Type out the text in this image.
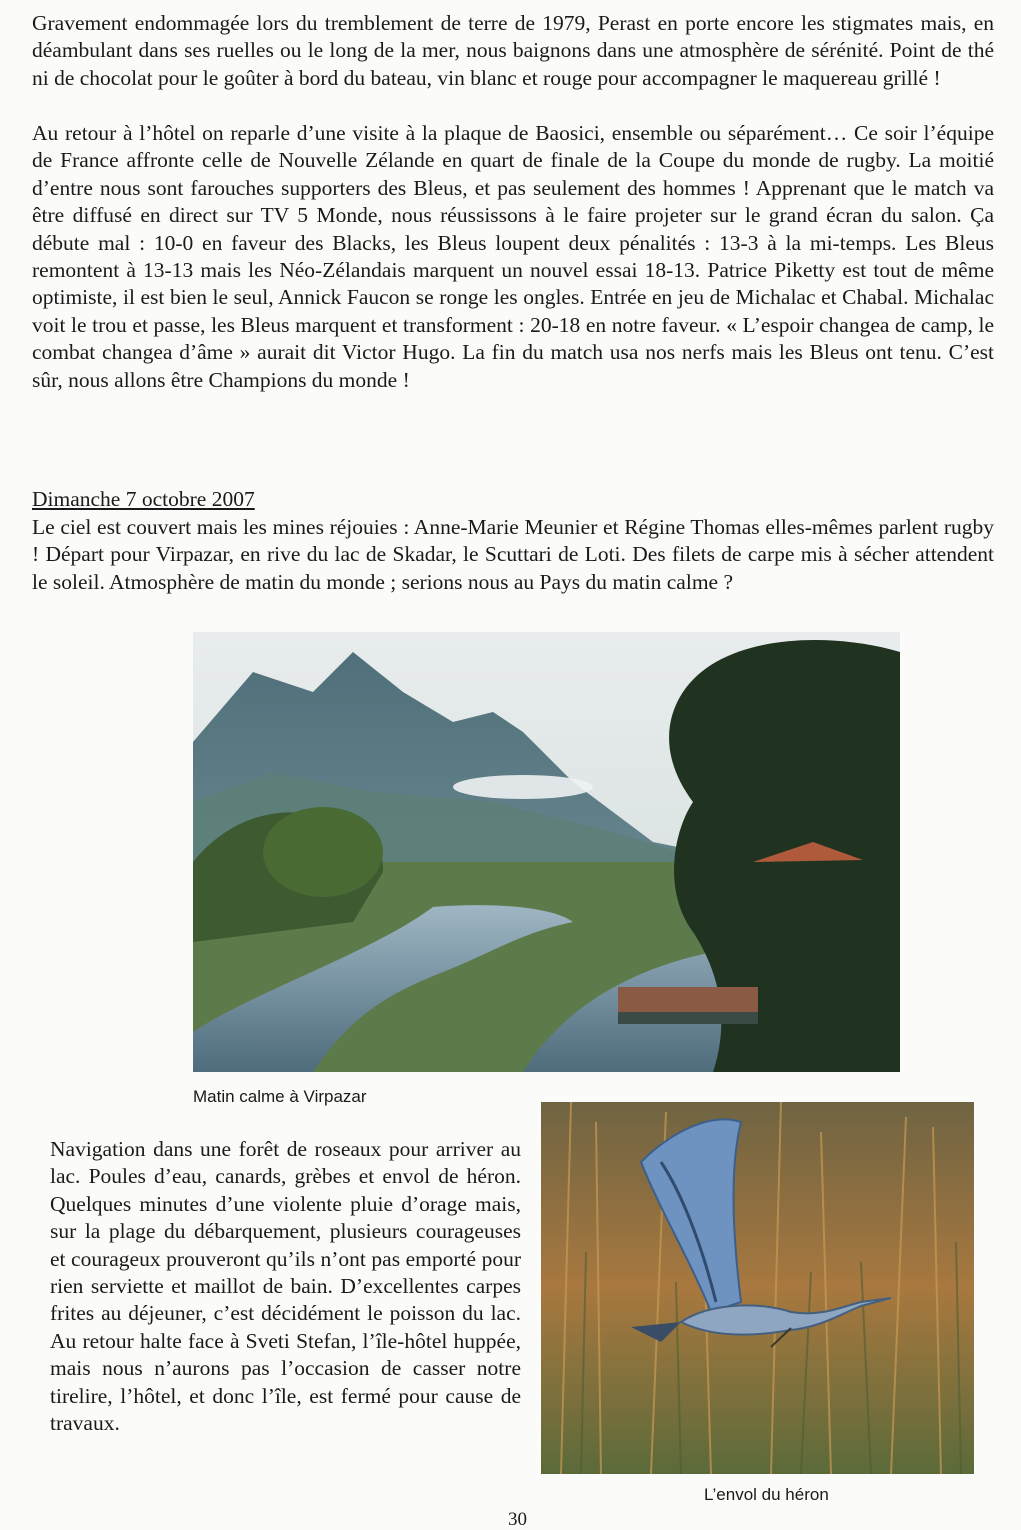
Gravement endommagée lors du tremblement de terre de 1979, Perast en porte encore les stigmates mais, en déambulant dans ses ruelles ou le long de la mer, nous baignons dans une atmosphère de sérénité. Point de thé ni de chocolat pour le goûter à bord du bateau, vin blanc et rouge pour accompagner le maquereau grillé !

Au retour à l’hôtel on reparle d’une visite à la plaque de Baosici, ensemble ou séparément… Ce soir l’équipe de France affronte celle de Nouvelle Zélande en quart de finale de la Coupe du monde de rugby. La moitié d’entre nous sont farouches supporters des Bleus, et pas seulement des hommes ! Apprenant que le match va être diffusé en direct sur TV 5 Monde, nous réussissons à le faire projeter sur le grand écran du salon. Ça débute mal : 10-0 en faveur des Blacks, les Bleus loupent deux pénalités : 13-3 à la mi-temps. Les Bleus remontent à 13-13 mais les Néo-Zélandais marquent un nouvel essai 18-13. Patrice Piketty est tout de même optimiste, il est bien le seul, Annick Faucon se ronge les ongles. Entrée en jeu de Michalac et Chabal. Michalac voit le trou et passe, les Bleus marquent et transforment : 20-18 en notre faveur. « L’espoir changea de camp, le combat changea d’âme » aurait dit Victor Hugo. La fin du match usa nos nerfs mais les Bleus ont tenu. C’est sûr, nous allons être Champions du monde !

Dimanche 7 octobre 2007

Le ciel est couvert mais les mines réjouies : Anne-Marie Meunier et Régine Thomas elles-mêmes parlent rugby ! Départ pour Virpazar, en rive du lac de Skadar, le Scuttari de Loti. Des filets de carpe mis à sécher attendent le soleil. Atmosphère de matin du monde ; serions nous au Pays du matin calme ?

Matin calme à Virpazar

Navigation dans une forêt de roseaux pour arriver au lac. Poules d’eau, canards, grèbes et envol de héron. Quelques minutes d’une violente pluie d’orage mais, sur la plage du débarquement, plusieurs courageuses et courageux prouveront qu’ils n’ont pas emporté pour rien serviette et maillot de bain. D’excellentes carpes frites au déjeuner, c’est décidément le poisson du lac. Au retour halte face à Sveti Stefan, l’île-hôtel huppée, mais nous n’aurons pas l’occasion de casser notre tirelire, l’hôtel, et donc l’île, est fermé pour cause de travaux.

L’envol du héron

30
